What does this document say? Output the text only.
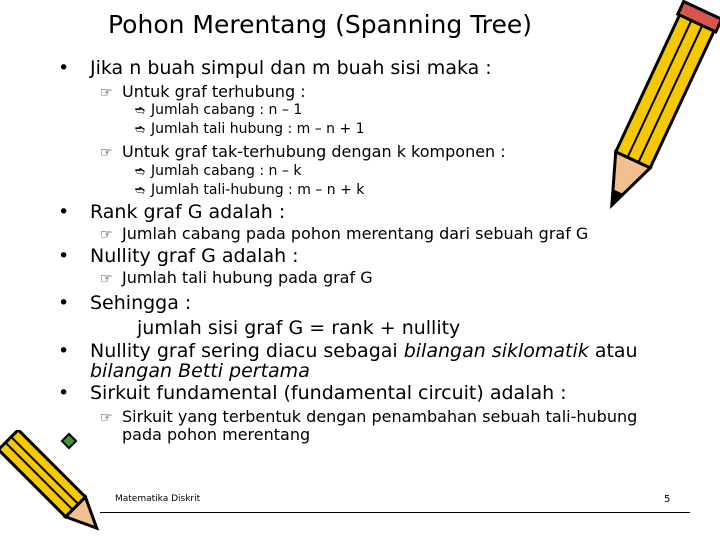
Pohon Merentang (Spanning Tree)
• Jika n buah simpul dan m buah sisi maka :
☞ Untuk graf terhubung :
➬ Jumlah cabang : n – 1
➬ Jumlah tali hubung : m – n + 1
☞ Untuk graf tak-terhubung dengan k komponen :
➬ Jumlah cabang : n – k
➬ Jumlah tali-hubung : m – n + k
• Rank graf G adalah :
☞ Jumlah cabang pada pohon merentang dari sebuah graf G
• Nullity graf G adalah :
☞ Jumlah tali hubung pada graf G
• Sehingga :
jumlah sisi graf G = rank + nullity
• Nullity graf sering diacu sebagai bilangan siklomatik atau
bilangan Betti pertama
• Sirkuit fundamental (fundamental circuit) adalah :
☞ Sirkuit yang terbentuk dengan penambahan sebuah tali-hubung
pada pohon merentang
Matematika Diskrit	5
